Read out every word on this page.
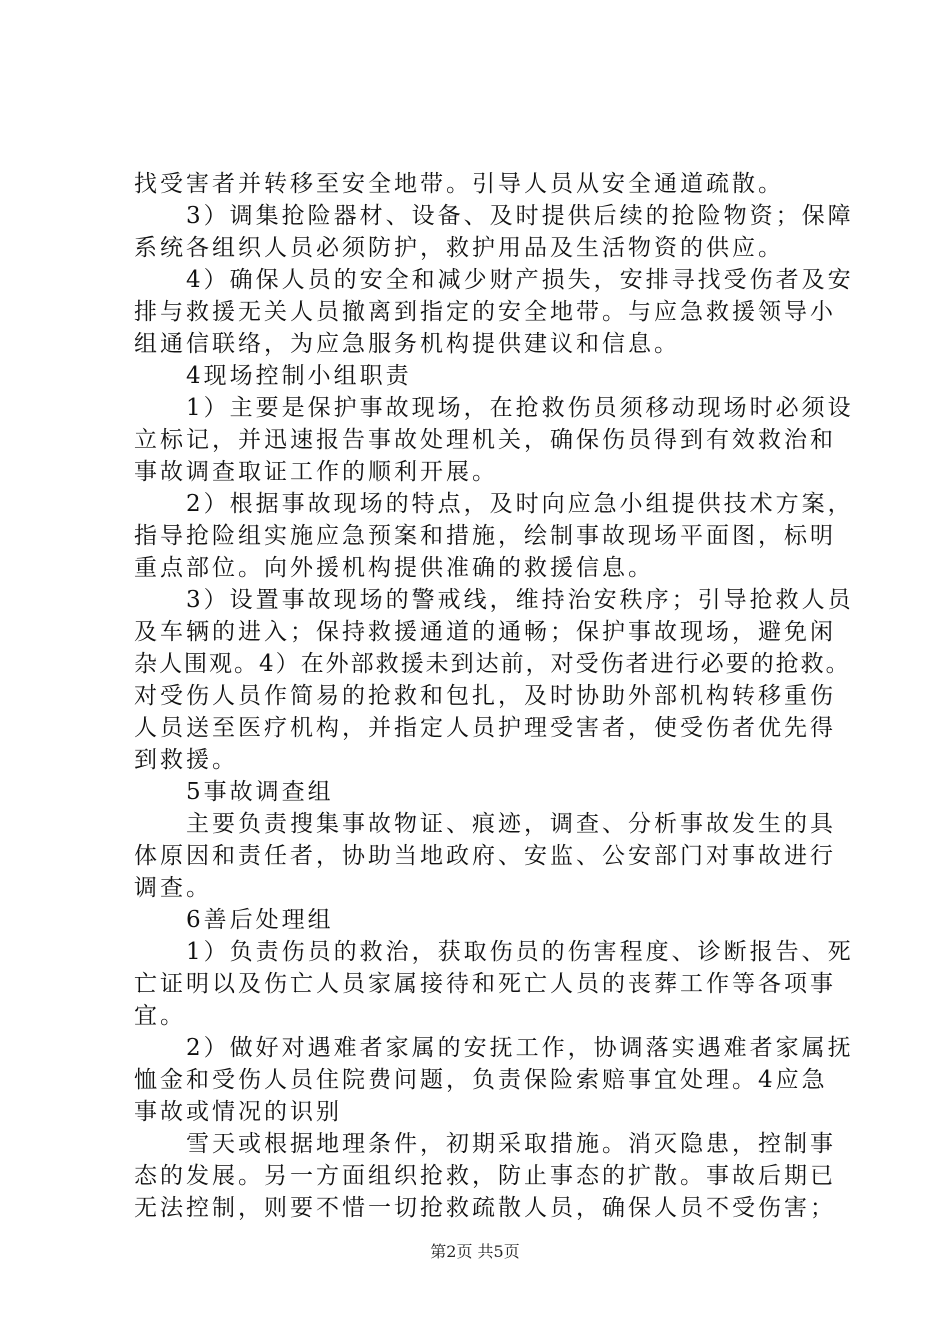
找受害者并转移至安全地带。引导人员从安全通道疏散。
　　3）调集抢险器材、设备、及时提供后续的抢险物资；保障
系统各组织人员必须防护，救护用品及生活物资的供应。
　　4）确保人员的安全和减少财产损失，安排寻找受伤者及安
排与救援无关人员撤离到指定的安全地带。与应急救援领导小
组通信联络，为应急服务机构提供建议和信息。
　　4现场控制小组职责
　　1）主要是保护事故现场，在抢救伤员须移动现场时必须设
立标记，并迅速报告事故处理机关，确保伤员得到有效救治和
事故调查取证工作的顺利开展。
　　2）根据事故现场的特点，及时向应急小组提供技术方案，
指导抢险组实施应急预案和措施，绘制事故现场平面图，标明
重点部位。向外援机构提供准确的救援信息。
　　3）设置事故现场的警戒线，维持治安秩序；引导抢救人员
及车辆的进入；保持救援通道的通畅；保护事故现场，避免闲
杂人围观。4）在外部救援未到达前，对受伤者进行必要的抢救。
对受伤人员作简易的抢救和包扎，及时协助外部机构转移重伤
人员送至医疗机构，并指定人员护理受害者，使受伤者优先得
到救援。
　　5事故调查组
　　主要负责搜集事故物证、痕迹，调查、分析事故发生的具
体原因和责任者，协助当地政府、安监、公安部门对事故进行
调查。
　　6善后处理组
　　1）负责伤员的救治，获取伤员的伤害程度、诊断报告、死
亡证明以及伤亡人员家属接待和死亡人员的丧葬工作等各项事
宜。
　　2）做好对遇难者家属的安抚工作，协调落实遇难者家属抚
恤金和受伤人员住院费问题，负责保险索赔事宜处理。4应急
事故或情况的识别
　　雪天或根据地理条件，初期采取措施。消灭隐患，控制事
态的发展。另一方面组织抢救，防止事态的扩散。事故后期已
无法控制，则要不惜一切抢救疏散人员，确保人员不受伤害；
第2页 共5页
